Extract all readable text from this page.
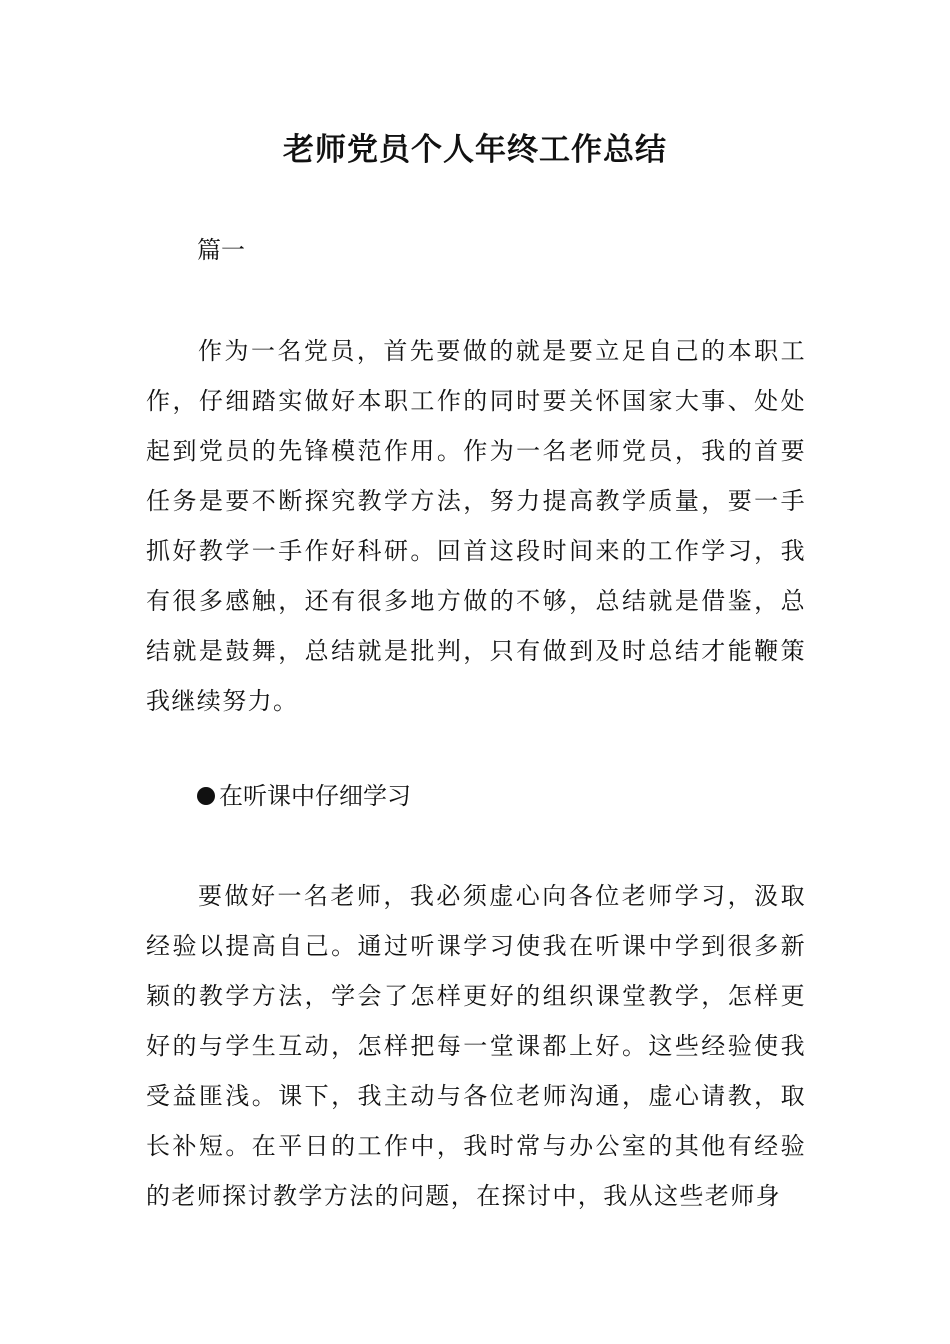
老师党员个人年终工作总结

篇一

作为一名党员，首先要做的就是要立足自己的本职工作，仔细踏实做好本职工作的同时要关怀国家大事、处处起到党员的先锋模范作用。作为一名老师党员，我的首要任务是要不断探究教学方法，努力提高教学质量，要一手抓好教学一手作好科研。回首这段时间来的工作学习，我有很多感触，还有很多地方做的不够，总结就是借鉴，总结就是鼓舞，总结就是批判，只有做到及时总结才能鞭策我继续努力。

在听课中仔细学习

要做好一名老师，我必须虚心向各位老师学习，汲取经验以提高自己。通过听课学习使我在听课中学到很多新颖的教学方法，学会了怎样更好的组织课堂教学，怎样更好的与学生互动，怎样把每一堂课都上好。这些经验使我受益匪浅。课下，我主动与各位老师沟通，虚心请教，取长补短。在平日的工作中，我时常与办公室的其他有经验的老师探讨教学方法的问题，在探讨中，我从这些老师身
